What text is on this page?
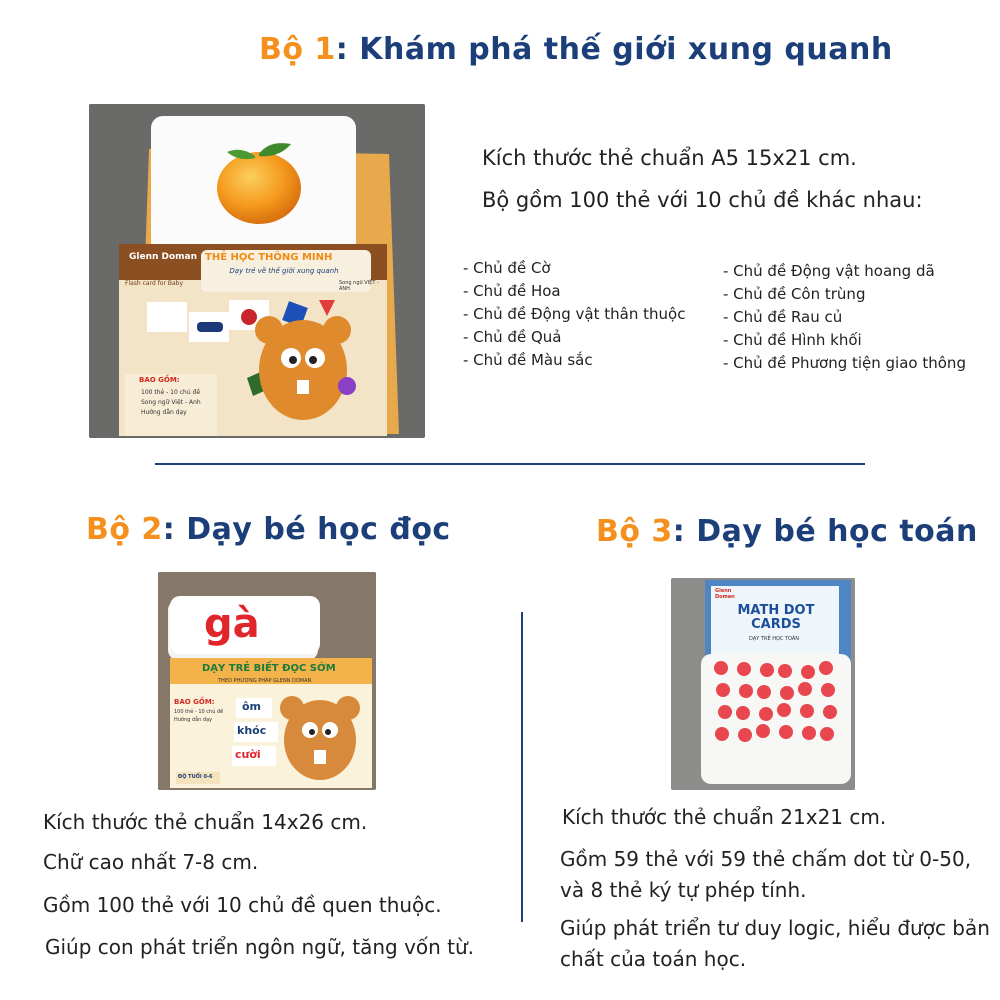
Bộ 1: Khám phá thế giới xung quanh
Glenn Doman
Flash card for Baby
THẺ HỌC THÔNG MINH
Dạy trẻ về thế giới xung quanh
Song ngữ VIỆT - ANH
BAO GỒM:
100 thẻ - 10 chủ đề
Song ngữ Việt - Anh
Hướng dẫn dạy
Kích thước thẻ chuẩn A5 15x21 cm.
Bộ gồm 100 thẻ với 10 chủ đề khác nhau:
- Chủ đề Cờ
- Chủ đề Hoa
- Chủ đề Động vật thân thuộc
- Chủ đề Quả
- Chủ đề Màu sắc
- Chủ đề Động vật hoang dã
- Chủ đề Côn trùng
- Chủ đề Rau củ
- Chủ đề Hình khối
- Chủ đề Phương tiện giao thông
Bộ 2: Dạy bé học đọc
gà
DẠY TRẺ BIẾT ĐỌC SỚM
THEO PHƯƠNG PHÁP GLENN DOMAN
BAO GỒM:
100 thẻ - 10 chủ đề
Hướng dẫn dạy
ôm
khóc
cười
ĐỘ TUỔI 0-6
Kích thước thẻ chuẩn 14x26 cm.
Chữ cao nhất 7-8 cm.
Gồm 100 thẻ với 10 chủ đề quen thuộc.
Giúp con phát triển ngôn ngữ, tăng vốn từ.
Bộ 3: Dạy bé học toán
Glenn Doman
MATH DOT CARDS
DẠY TRẺ HỌC TOÁN
Kích thước thẻ chuẩn 21x21 cm.
Gồm 59 thẻ với 59 thẻ chấm dot từ 0-50,
và 8 thẻ ký tự phép tính.
Giúp phát triển tư duy logic, hiểu được bản
chất của toán học.
